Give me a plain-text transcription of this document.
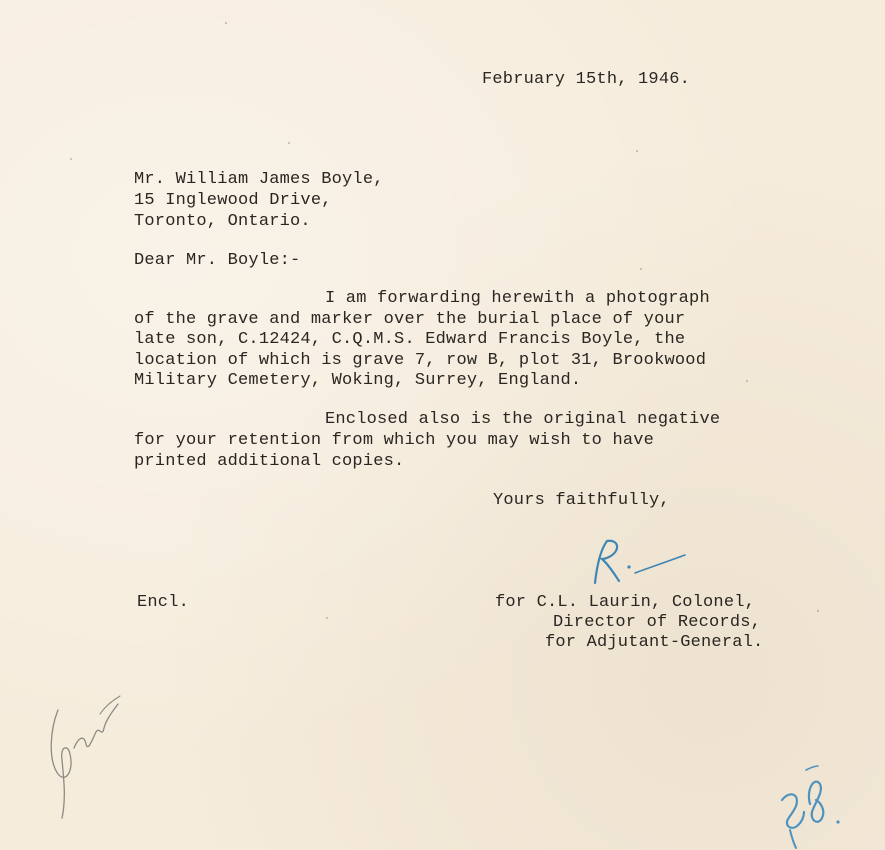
February 15th, 1946.

Mr. William James Boyle,

15 Inglewood Drive,

Toronto, Ontario.

Dear Mr. Boyle:-

I am forwarding herewith a photograph

of the grave and marker over the burial place of your

late son, C.12424, C.Q.M.S. Edward Francis Boyle, the

location of which is grave 7, row B, plot 31, Brookwood

Military Cemetery, Woking, Surrey, England.

Enclosed also is the original negative

for your retention from which you may wish to have

printed additional copies.

Yours faithfully,

Encl.	for C.L. Laurin, Colonel,

Director of Records,

for Adjutant-General.
